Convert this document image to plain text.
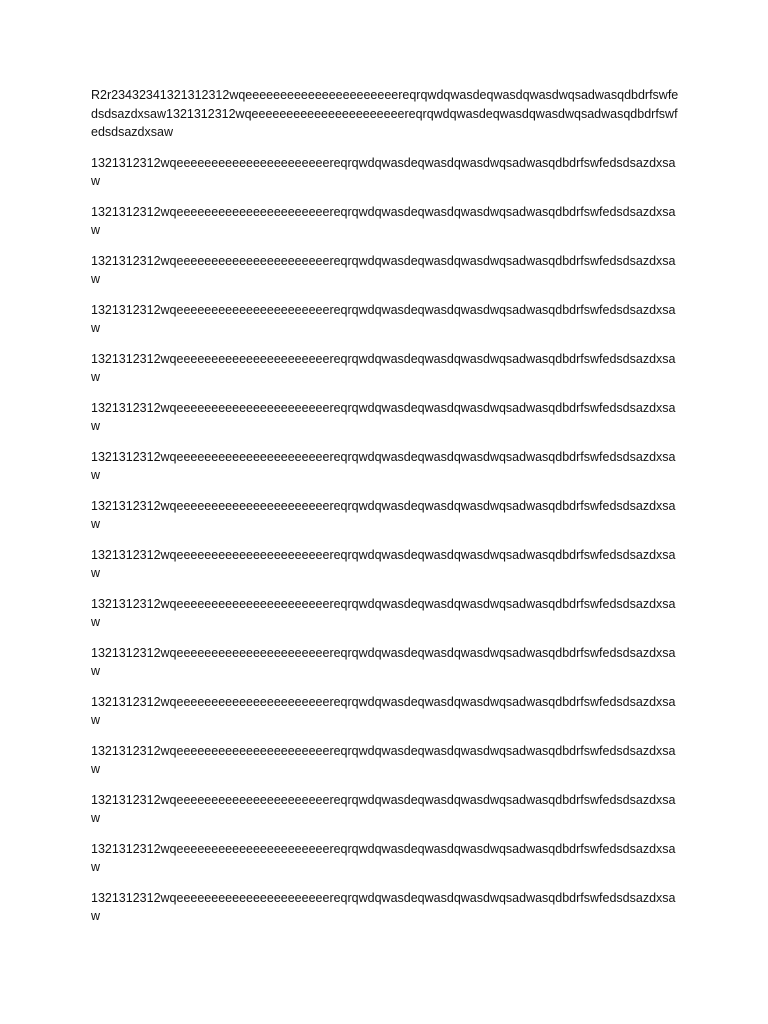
R2r23432341321312312wqeeeeeeeeeeeeeeeeeeeeeereqrqwdqwasdeqwasdqwasdwqsadwasqdbdrfswfedsdsazdxsaw1321312312wqeeeeeeeeeeeeeeeeeeeeeereqrqwdqwasdeqwasdqwasdwqsadwasqdbdrfswfedsdsazdxsaw

1321312312wqeeeeeeeeeeeeeeeeeeeeeereqrqwdqwasdeqwasdqwasdwqsadwasqdbdrfswfedsdsazdxsaw

1321312312wqeeeeeeeeeeeeeeeeeeeeeereqrqwdqwasdeqwasdqwasdwqsadwasqdbdrfswfedsdsazdxsaw

1321312312wqeeeeeeeeeeeeeeeeeeeeeereqrqwdqwasdeqwasdqwasdwqsadwasqdbdrfswfedsdsazdxsaw

1321312312wqeeeeeeeeeeeeeeeeeeeeeereqrqwdqwasdeqwasdqwasdwqsadwasqdbdrfswfedsdsazdxsaw

1321312312wqeeeeeeeeeeeeeeeeeeeeeereqrqwdqwasdeqwasdqwasdwqsadwasqdbdrfswfedsdsazdxsaw

1321312312wqeeeeeeeeeeeeeeeeeeeeeereqrqwdqwasdeqwasdqwasdwqsadwasqdbdrfswfedsdsazdxsaw

1321312312wqeeeeeeeeeeeeeeeeeeeeeereqrqwdqwasdeqwasdqwasdwqsadwasqdbdrfswfedsdsazdxsaw

1321312312wqeeeeeeeeeeeeeeeeeeeeeereqrqwdqwasdeqwasdqwasdwqsadwasqdbdrfswfedsdsazdxsaw

1321312312wqeeeeeeeeeeeeeeeeeeeeeereqrqwdqwasdeqwasdqwasdwqsadwasqdbdrfswfedsdsazdxsaw

1321312312wqeeeeeeeeeeeeeeeeeeeeeereqrqwdqwasdeqwasdqwasdwqsadwasqdbdrfswfedsdsazdxsaw

1321312312wqeeeeeeeeeeeeeeeeeeeeeereqrqwdqwasdeqwasdqwasdwqsadwasqdbdrfswfedsdsazdxsaw

1321312312wqeeeeeeeeeeeeeeeeeeeeeereqrqwdqwasdeqwasdqwasdwqsadwasqdbdrfswfedsdsazdxsaw

1321312312wqeeeeeeeeeeeeeeeeeeeeeereqrqwdqwasdeqwasdqwasdwqsadwasqdbdrfswfedsdsazdxsaw

1321312312wqeeeeeeeeeeeeeeeeeeeeeereqrqwdqwasdeqwasdqwasdwqsadwasqdbdrfswfedsdsazdxsaw

1321312312wqeeeeeeeeeeeeeeeeeeeeeereqrqwdqwasdeqwasdqwasdwqsadwasqdbdrfswfedsdsazdxsaw

1321312312wqeeeeeeeeeeeeeeeeeeeeeereqrqwdqwasdeqwasdqwasdwqsadwasqdbdrfswfedsdsazdxsaw
